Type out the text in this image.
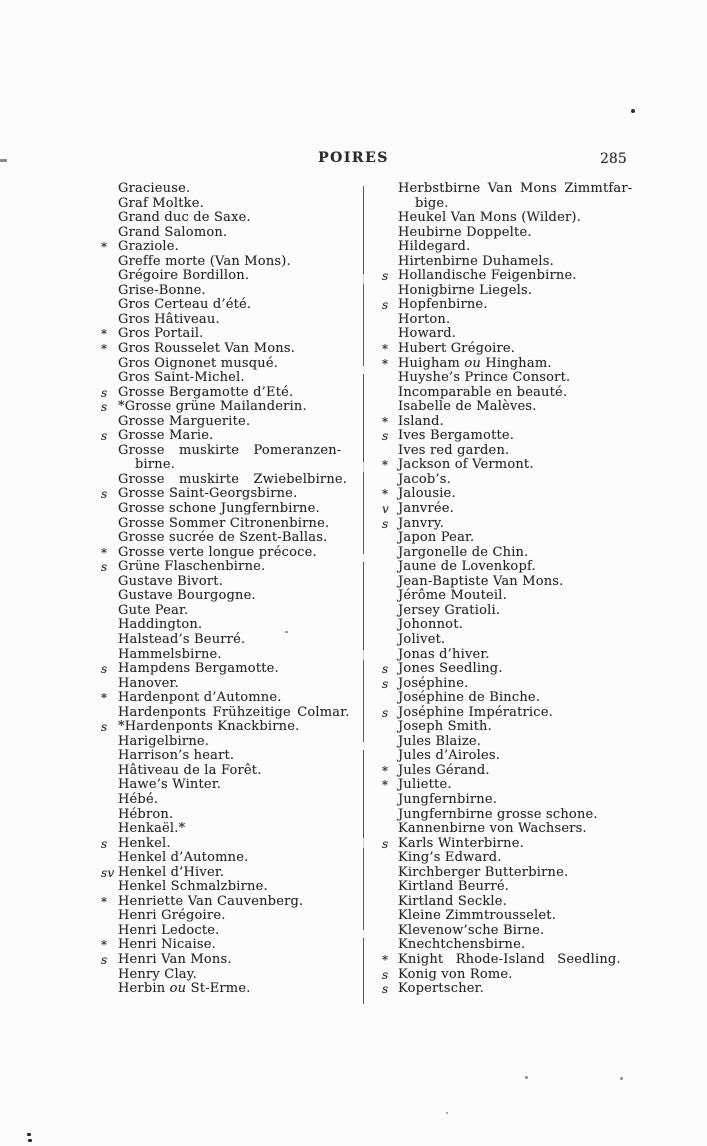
POIRES	285
Gracieuse.
Graf Moltke.
Grand duc de Saxe.
Grand Salomon.
* Graziole.
Greffe morte (Van Mons).
Grégoire Bordillon.
Grise-Bonne.
Gros Certeau d’été.
Gros Hâtiveau.
* Gros Portail.
* Gros Rousselet Van Mons.
Gros Oignonet musqué.
Gros Saint-Michel.
s Grosse Bergamotte d’Eté.
s *Grosse grüne Mailanderin.
Grosse Marguerite.
s Grosse Marie.
Grosse muskirte Pomeranzen-
birne.
Grosse muskirte Zwiebelbirne.
s Grosse Saint-Georgsbirne.
Grosse schone Jungfernbirne.
Grosse Sommer Citronenbirne.
Grosse sucrée de Szent-Ballas.
* Grosse verte longue précoce.
s Grüne Flaschenbirne.
Gustave Bivort.
Gustave Bourgogne.
Gute Pear.
Haddington.
Halstead’s Beurré.
Hammelsbirne.
s Hampdens Bergamotte.
Hanover.
* Hardenpont d’Automne.
Hardenponts Frühzeitige Colmar.
s *Hardenponts Knackbirne.
Harigelbirne.
Harrison’s heart.
Hâtiveau de la Forêt.
Hawe’s Winter.
Hébé.
Hébron.
Henkaël.*
s Henkel.
Henkel d’Automne.
sv Henkel d’Hiver.
Henkel Schmalzbirne.
* Henriette Van Cauvenberg.
Henri Grégoire.
Henri Ledocte.
* Henri Nicaise.
s Henri Van Mons.
Henry Clay.
Herbin ou St-Erme.
Herbstbirne Van Mons Zimmtfar-
bige.
Heukel Van Mons (Wilder).
Heubirne Doppelte.
Hildegard.
Hirtenbirne Duhamels.
s Hollandische Feigenbirne.
Honigbirne Liegels.
s Hopfenbirne.
Horton.
Howard.
* Hubert Grégoire.
* Huigham ou Hingham.
Huyshe’s Prince Consort.
Incomparable en beauté.
Isabelle de Malèves.
* Island.
s Ives Bergamotte.
Ives red garden.
* Jackson of Vermont.
Jacob’s.
* Jalousie.
v Janvrée.
s Janvry.
Japon Pear.
Jargonelle de Chin.
Jaune de Lovenkopf.
Jean-Baptiste Van Mons.
Jérôme Mouteil.
Jersey Gratioli.
Johonnot.
Jolivet.
Jonas d’hiver.
s Jones Seedling.
s Joséphine.
Joséphine de Binche.
s Joséphine Impératrice.
Joseph Smith.
Jules Blaize.
Jules d’Airoles.
* Jules Gérand.
* Juliette.
Jungfernbirne.
Jungfernbirne grosse schone.
Kannenbirne von Wachsers.
s Karls Winterbirne.
King’s Edward.
Kirchberger Butterbirne.
Kirtland Beurré.
Kirtland Seckle.
Kleine Zimmtrousselet.
Klevenow’sche Birne.
Knechtchensbirne.
* Knight Rhode-Island Seedling.
s Konig von Rome.
s Kopertscher.
